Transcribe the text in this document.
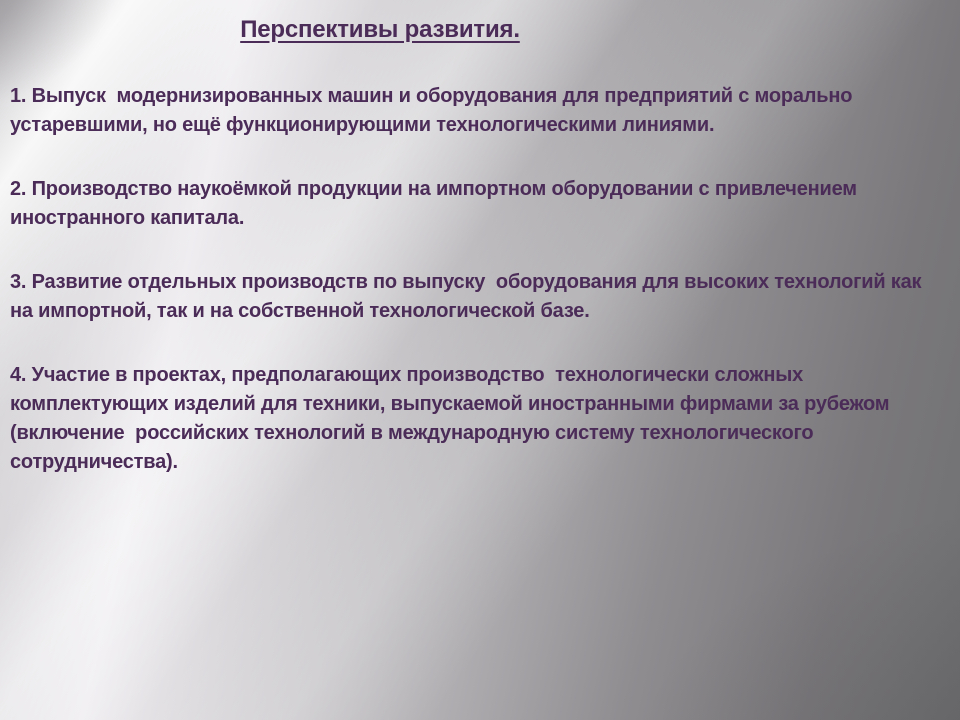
Перспективы развития.

1. Выпуск  модернизированных машин и оборудования для предприятий с морально устаревшими, но ещё функционирующими технологическими линиями.

2. Производство наукоёмкой продукции на импортном оборудовании с привлечением иностранного капитала.

3. Развитие отдельных производств по выпуску  оборудования для высоких технологий как на импортной, так и на собственной технологической базе.

4. Участие в проектах, предполагающих производство  технологически сложных комплектующих изделий для техники, выпускаемой иностранными фирмами за рубежом (включение  российских технологий в международную систему технологического сотрудничества).
